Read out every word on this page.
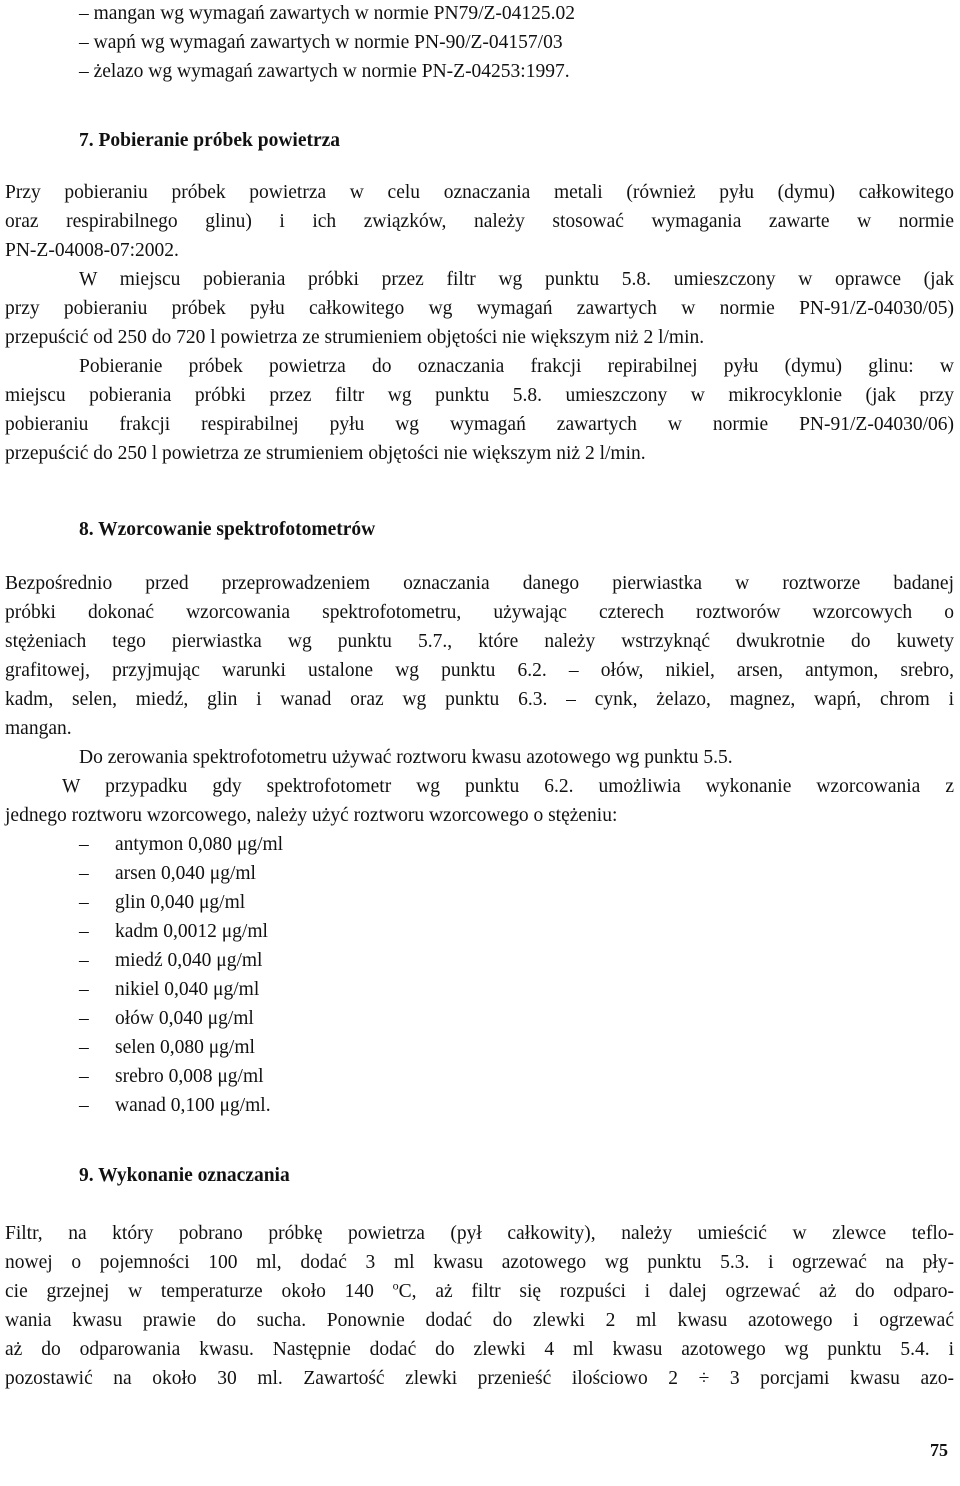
– mangan wg wymagań zawartych w normie PN79/Z-04125.02
– wapń wg wymagań zawartych w normie PN-90/Z-04157/03
– żelazo wg wymagań zawartych w normie PN-Z-04253:1997.
7. Pobieranie próbek powietrza
Przy pobieraniu próbek powietrza w celu oznaczania metali (również pyłu (dymu) całkowitego
oraz respirabilnego glinu) i ich związków, należy stosować wymagania zawarte w normie
PN-Z-04008-07:2002.
W miejscu pobierania próbki przez filtr wg punktu 5.8. umieszczony w oprawce (jak
przy pobieraniu próbek pyłu całkowitego wg wymagań zawartych w normie PN-91/Z-04030/05)
przepuścić od 250 do 720 l powietrza ze strumieniem objętości nie większym niż 2 l/min.
Pobieranie próbek powietrza do oznaczania frakcji repirabilnej pyłu (dymu) glinu: w
miejscu pobierania próbki przez filtr wg punktu 5.8. umieszczony w mikrocyklonie (jak przy
pobieraniu frakcji respirabilnej pyłu wg wymagań zawartych w normie PN-91/Z-04030/06)
przepuścić do 250 l powietrza ze strumieniem objętości nie większym niż 2 l/min.
8. Wzorcowanie spektrofotometrów
Bezpośrednio przed przeprowadzeniem oznaczania danego pierwiastka w roztworze badanej
próbki dokonać wzorcowania spektrofotometru, używając czterech roztworów wzorcowych o
stężeniach tego pierwiastka wg punktu 5.7., które należy wstrzyknąć dwukrotnie do kuwety
grafitowej, przyjmując warunki ustalone wg punktu 6.2. – ołów, nikiel, arsen, antymon, srebro,
kadm, selen, miedź, glin i wanad oraz wg punktu 6.3. – cynk, żelazo, magnez, wapń, chrom i
mangan.
Do zerowania spektrofotometru używać roztworu kwasu azotowego wg punktu 5.5.
W przypadku gdy spektrofotometr wg punktu 6.2. umożliwia wykonanie wzorcowania z
jednego roztworu wzorcowego, należy użyć roztworu wzorcowego o stężeniu:
–	antymon 0,080 μg/ml
–	arsen 0,040 μg/ml
–	glin 0,040 μg/ml
–	kadm 0,0012 μg/ml
–	miedź 0,040 μg/ml
–	nikiel 0,040 μg/ml
–	ołów 0,040 μg/ml
–	selen 0,080 μg/ml
–	srebro 0,008 μg/ml
–	wanad 0,100 μg/ml.
9. Wykonanie oznaczania
Filtr, na który pobrano próbkę powietrza (pył całkowity), należy umieścić w zlewce teflo-
nowej o pojemności 100 ml, dodać 3 ml kwasu azotowego wg punktu 5.3. i ogrzewać na pły-
cie grzejnej w temperaturze około 140 $^o$C, aż filtr się rozpuści i dalej ogrzewać aż do odparo-
wania kwasu prawie do sucha. Ponownie dodać do zlewki 2 ml kwasu azotowego i ogrzewać
aż do odparowania kwasu. Następnie dodać do zlewki 4 ml kwasu azotowego wg punktu 5.4. i
pozostawić na około 30 ml. Zawartość zlewki przenieść ilościowo 2 ÷ 3 porcjami kwasu azo-
75
